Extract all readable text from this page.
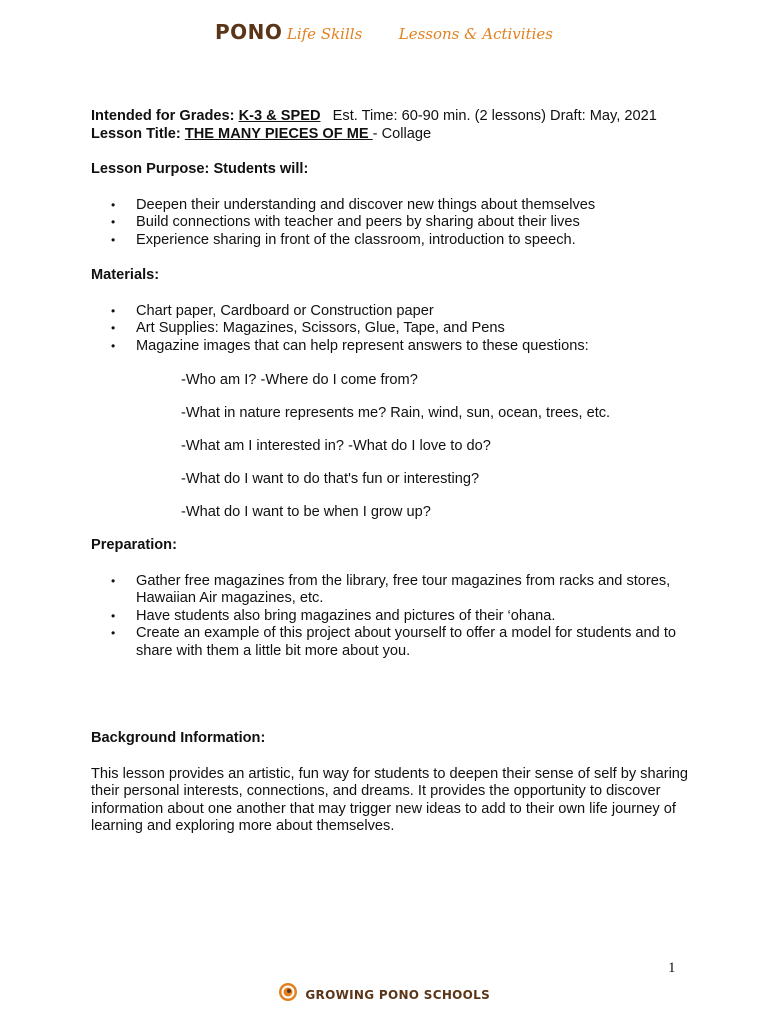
PONO Life Skills Lessons & Activities

Intended for Grades: K-3 & SPED   Est. Time: 60-90 min. (2 lessons) Draft: May, 2021

Lesson Title: THE MANY PIECES OF ME - Collage

Lesson Purpose: Students will:

• Deepen their understanding and discover new things about themselves
• Build connections with teacher and peers by sharing about their lives
• Experience sharing in front of the classroom, introduction to speech.

Materials:

• Chart paper, Cardboard or Construction paper
• Art Supplies: Magazines, Scissors, Glue, Tape, and Pens
• Magazine images that can help represent answers to these questions:

-Who am I? -Where do I come from?

-What in nature represents me? Rain, wind, sun, ocean, trees, etc.

-What am I interested in? -What do I love to do?

-What do I want to do that's fun or interesting?

-What do I want to be when I grow up?

Preparation:

• Gather free magazines from the library, free tour magazines from racks and stores, Hawaiian Air magazines, etc.
• Have students also bring magazines and pictures of their ‘ohana.
• Create an example of this project about yourself to offer a model for students and to share with them a little bit more about you.

Background Information:

This lesson provides an artistic, fun way for students to deepen their sense of self by sharing their personal interests, connections, and dreams. It provides the opportunity to discover information about one another that may trigger new ideas to add to their own life journey of learning and exploring more about themselves.

1
GROWING PONO SCHOOLS
